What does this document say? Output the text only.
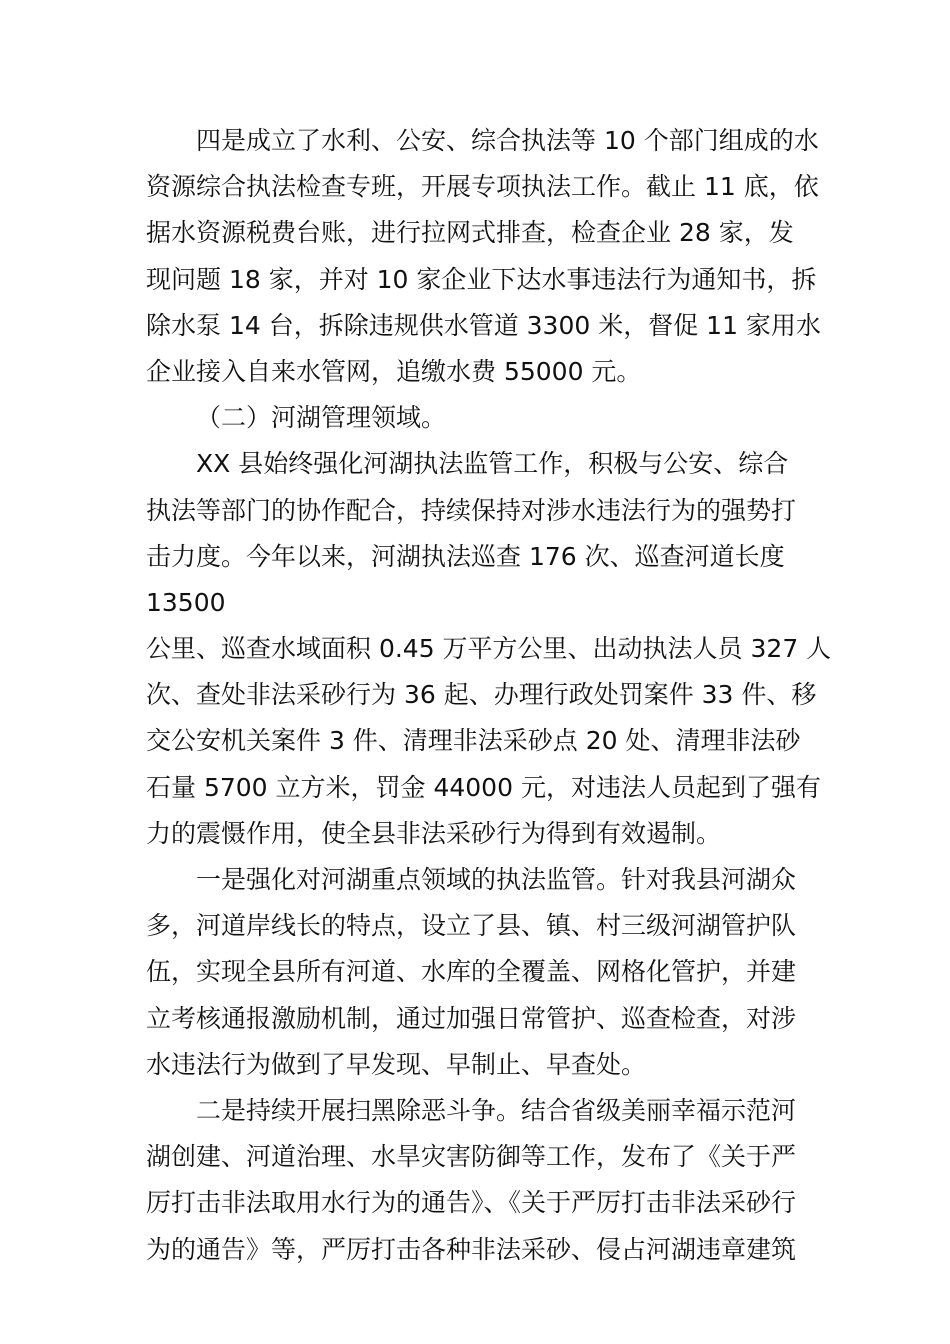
四是成立了水利、公安、综合执法等 10 个部门组成的水
资源综合执法检查专班，开展专项执法工作。截止 11 底，依
据水资源税费台账，进行拉网式排查，检查企业 28 家，发
现问题 18 家，并对 10 家企业下达水事违法行为通知书，拆
除水泵 14 台，拆除违规供水管道 3300 米，督促 11 家用水
企业接入自来水管网，追缴水费 55000 元。
（二）河湖管理领域。
XX 县始终强化河湖执法监管工作，积极与公安、综合
执法等部门的协作配合，持续保持对涉水违法行为的强势打
击力度。今年以来，河湖执法巡查 176 次、巡查河道长度
13500
公里、巡查水域面积 0.45 万平方公里、出动执法人员 327 人
次、查处非法采砂行为 36 起、办理行政处罚案件 33 件、移
交公安机关案件 3 件、清理非法采砂点 20 处、清理非法砂
石量 5700 立方米，罚金 44000 元，对违法人员起到了强有
力的震慑作用，使全县非法采砂行为得到有效遏制。
一是强化对河湖重点领域的执法监管。针对我县河湖众
多，河道岸线长的特点，设立了县、镇、村三级河湖管护队
伍，实现全县所有河道、水库的全覆盖、网格化管护，并建
立考核通报激励机制，通过加强日常管护、巡查检查，对涉
水违法行为做到了早发现、早制止、早查处。
二是持续开展扫黑除恶斗争。结合省级美丽幸福示范河
湖创建、河道治理、水旱灾害防御等工作，发布了《关于严
厉打击非法取用水行为的通告》、《关于严厉打击非法采砂行
为的通告》等，严厉打击各种非法采砂、侵占河湖违章建筑
